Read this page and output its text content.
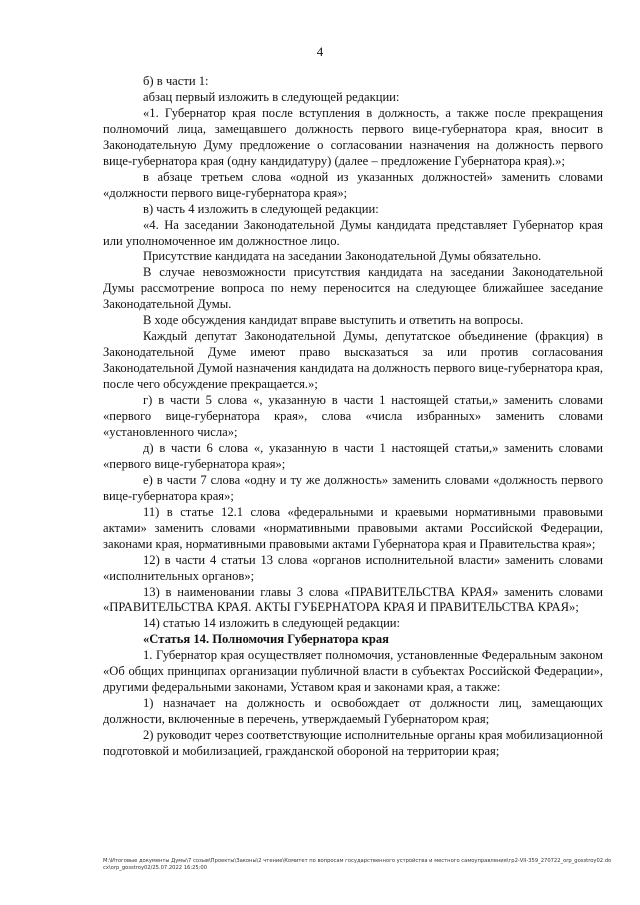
4

б) в части 1:

абзац первый изложить в следующей редакции:

«1. Губернатор края после вступления в должность, а также после прекращения полномочий лица, замещавшего должность первого вице-губернатора края, вносит в Законодательную Думу предложение о согласовании назначения на должность первого вице-губернатора края (одну кандидатуру) (далее – предложение Губернатора края).»;

в абзаце третьем слова «одной из указанных должностей» заменить словами «должности первого вице-губернатора края»;

в) часть 4 изложить в следующей редакции:

«4. На заседании Законодательной Думы кандидата представляет Губернатор края или уполномоченное им должностное лицо.

Присутствие кандидата на заседании Законодательной Думы обязательно.

В случае невозможности присутствия кандидата на заседании Законодательной Думы рассмотрение вопроса по нему переносится на следующее ближайшее заседание Законодательной Думы.

В ходе обсуждения кандидат вправе выступить и ответить на вопросы.

Каждый депутат Законодательной Думы, депутатское объединение (фракция) в Законодательной Думе имеют право высказаться за или против согласования Законодательной Думой назначения кандидата на должность первого вице-губернатора края, после чего обсуждение прекращается.»;

г) в части 5 слова «, указанную в части 1 настоящей статьи,» заменить словами «первого вице-губернатора края», слова «числа избранных» заменить словами «установленного числа»;

д) в части 6 слова «, указанную в части 1 настоящей статьи,» заменить словами «первого вице-губернатора края»;

е) в части 7 слова «одну и ту же должность» заменить словами «должность первого вице-губернатора края»;

11) в статье 12.1 слова «федеральными и краевыми нормативными правовыми актами» заменить словами «нормативными правовыми актами Российской Федерации, законами края, нормативными правовыми актами Губернатора края и Правительства края»;

12) в части 4 статьи 13 слова «органов исполнительной власти» заменить словами «исполнительных органов»;

13) в наименовании главы 3 слова «ПРАВИТЕЛЬСТВА КРАЯ» заменить словами «ПРАВИТЕЛЬСТВА КРАЯ. АКТЫ ГУБЕРНАТОРА КРАЯ И ПРАВИТЕЛЬСТВА КРАЯ»;

14) статью 14 изложить в следующей редакции:

«Статья 14. Полномочия Губернатора края

1. Губернатор края осуществляет полномочия, установленные Федеральным законом «Об общих принципах организации публичной власти в субъектах Российской Федерации», другими федеральными законами, Уставом края и законами края, а также:

1) назначает на должность и освобождает от должности лиц, замещающих должности, включенные в перечень, утверждаемый Губернатором края;

2) руководит через соответствующие исполнительные органы края мобилизационной подготовкой и мобилизацией, гражданской обороной на территории края;

M:\Итоговые документы Думы\7 созыв\Проекты\Законы\2 чтение\Комитет по вопросам государственного устройства и местного самоуправления\гр2-VII-359_270722_orp_gosstroy02.docx\orp_gosstroy02/25.07.2022 16:25:00
